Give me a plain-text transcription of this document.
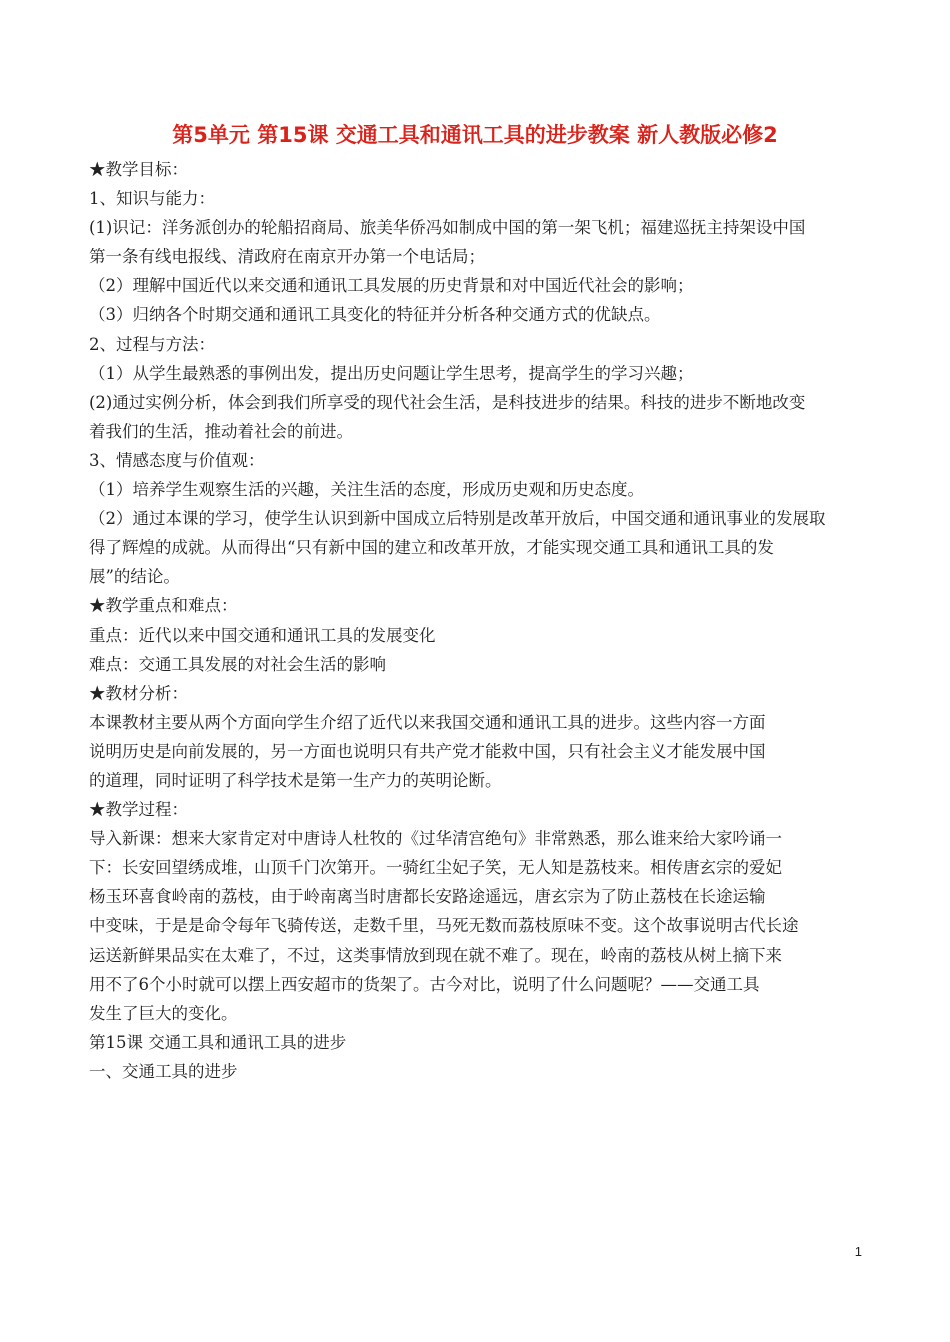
第5单元 第15课 交通工具和通讯工具的进步教案 新人教版必修2
★教学目标：
1、知识与能力：
(1)识记：洋务派创办的轮船招商局、旅美华侨冯如制成中国的第一架飞机；福建巡抚主持架设中国
第一条有线电报线、清政府在南京开办第一个电话局；
（2）理解中国近代以来交通和通讯工具发展的历史背景和对中国近代社会的影响；
（3）归纳各个时期交通和通讯工具变化的特征并分析各种交通方式的优缺点。
2、过程与方法：
（1）从学生最熟悉的事例出发，提出历史问题让学生思考，提高学生的学习兴趣；
(2)通过实例分析，体会到我们所享受的现代社会生活，是科技进步的结果。科技的进步不断地改变
着我们的生活，推动着社会的前进。
3、情感态度与价值观：
（1）培养学生观察生活的兴趣，关注生活的态度，形成历史观和历史态度。
（2）通过本课的学习，使学生认识到新中国成立后特别是改革开放后，中国交通和通讯事业的发展取
得了辉煌的成就。从而得出“只有新中国的建立和改革开放，才能实现交通工具和通讯工具的发
展”的结论。
★教学重点和难点：
重点：近代以来中国交通和通讯工具的发展变化
难点：交通工具发展的对社会生活的影响
★教材分析：
本课教材主要从两个方面向学生介绍了近代以来我国交通和通讯工具的进步。这些内容一方面
说明历史是向前发展的，另一方面也说明只有共产党才能救中国，只有社会主义才能发展中国
的道理，同时证明了科学技术是第一生产力的英明论断。
★教学过程：
导入新课：想来大家肯定对中唐诗人杜牧的《过华清宫绝句》非常熟悉，那么谁来给大家吟诵一
下：长安回望绣成堆，山顶千门次第开。一骑红尘妃子笑，无人知是荔枝来。相传唐玄宗的爱妃
杨玉环喜食岭南的荔枝，由于岭南离当时唐都长安路途遥远，唐玄宗为了防止荔枝在长途运输
中变味，于是是命令每年飞骑传送，走数千里，马死无数而荔枝原味不变。这个故事说明古代长途
运送新鲜果品实在太难了，不过，这类事情放到现在就不难了。现在，岭南的荔枝从树上摘下来
用不了6个小时就可以摆上西安超市的货架了。古今对比，说明了什么问题呢？——交通工具
发生了巨大的变化。
第15课 交通工具和通讯工具的进步
一、交通工具的进步
1
